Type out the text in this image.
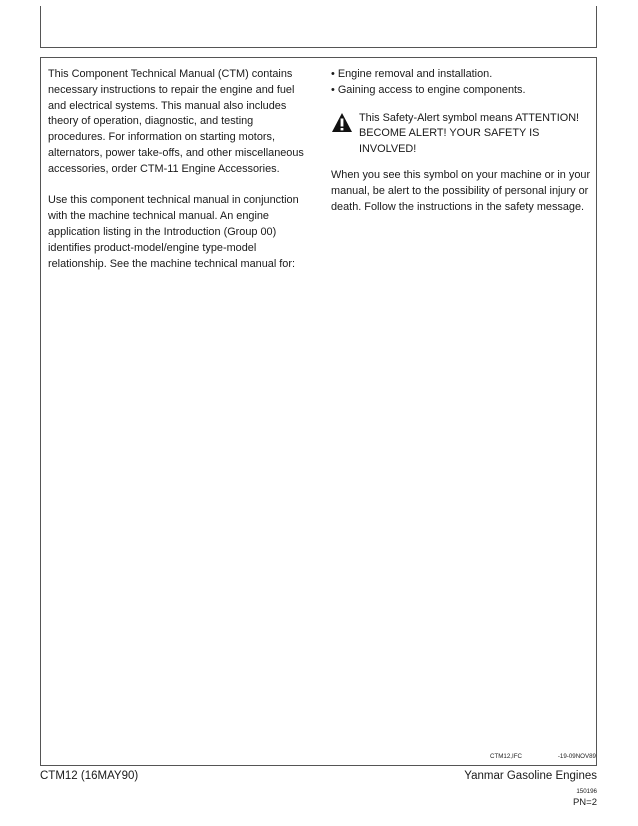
This Component Technical Manual (CTM) contains necessary instructions to repair the engine and fuel and electrical systems. This manual also includes theory of operation, diagnostic, and testing procedures. For information on starting motors, alternators, power take-offs, and other miscellaneous accessories, order CTM-11 Engine Accessories.

Use this component technical manual in conjunction with the machine technical manual. An engine application listing in the Introduction (Group 00) identifies product-model/engine type-model relationship. See the machine technical manual for:

• Engine removal and installation.
• Gaining access to engine components.

This Safety-Alert symbol means ATTENTION! BECOME ALERT! YOUR SAFETY IS INVOLVED!

When you see this symbol on your machine or in your manual, be alert to the possibility of personal injury or death. Follow the instructions in the safety message.

CTM12,IFC	-19-09NOV89
CTM12 (16MAY90)	Yanmar Gasoline Engines
150196
PN=2
